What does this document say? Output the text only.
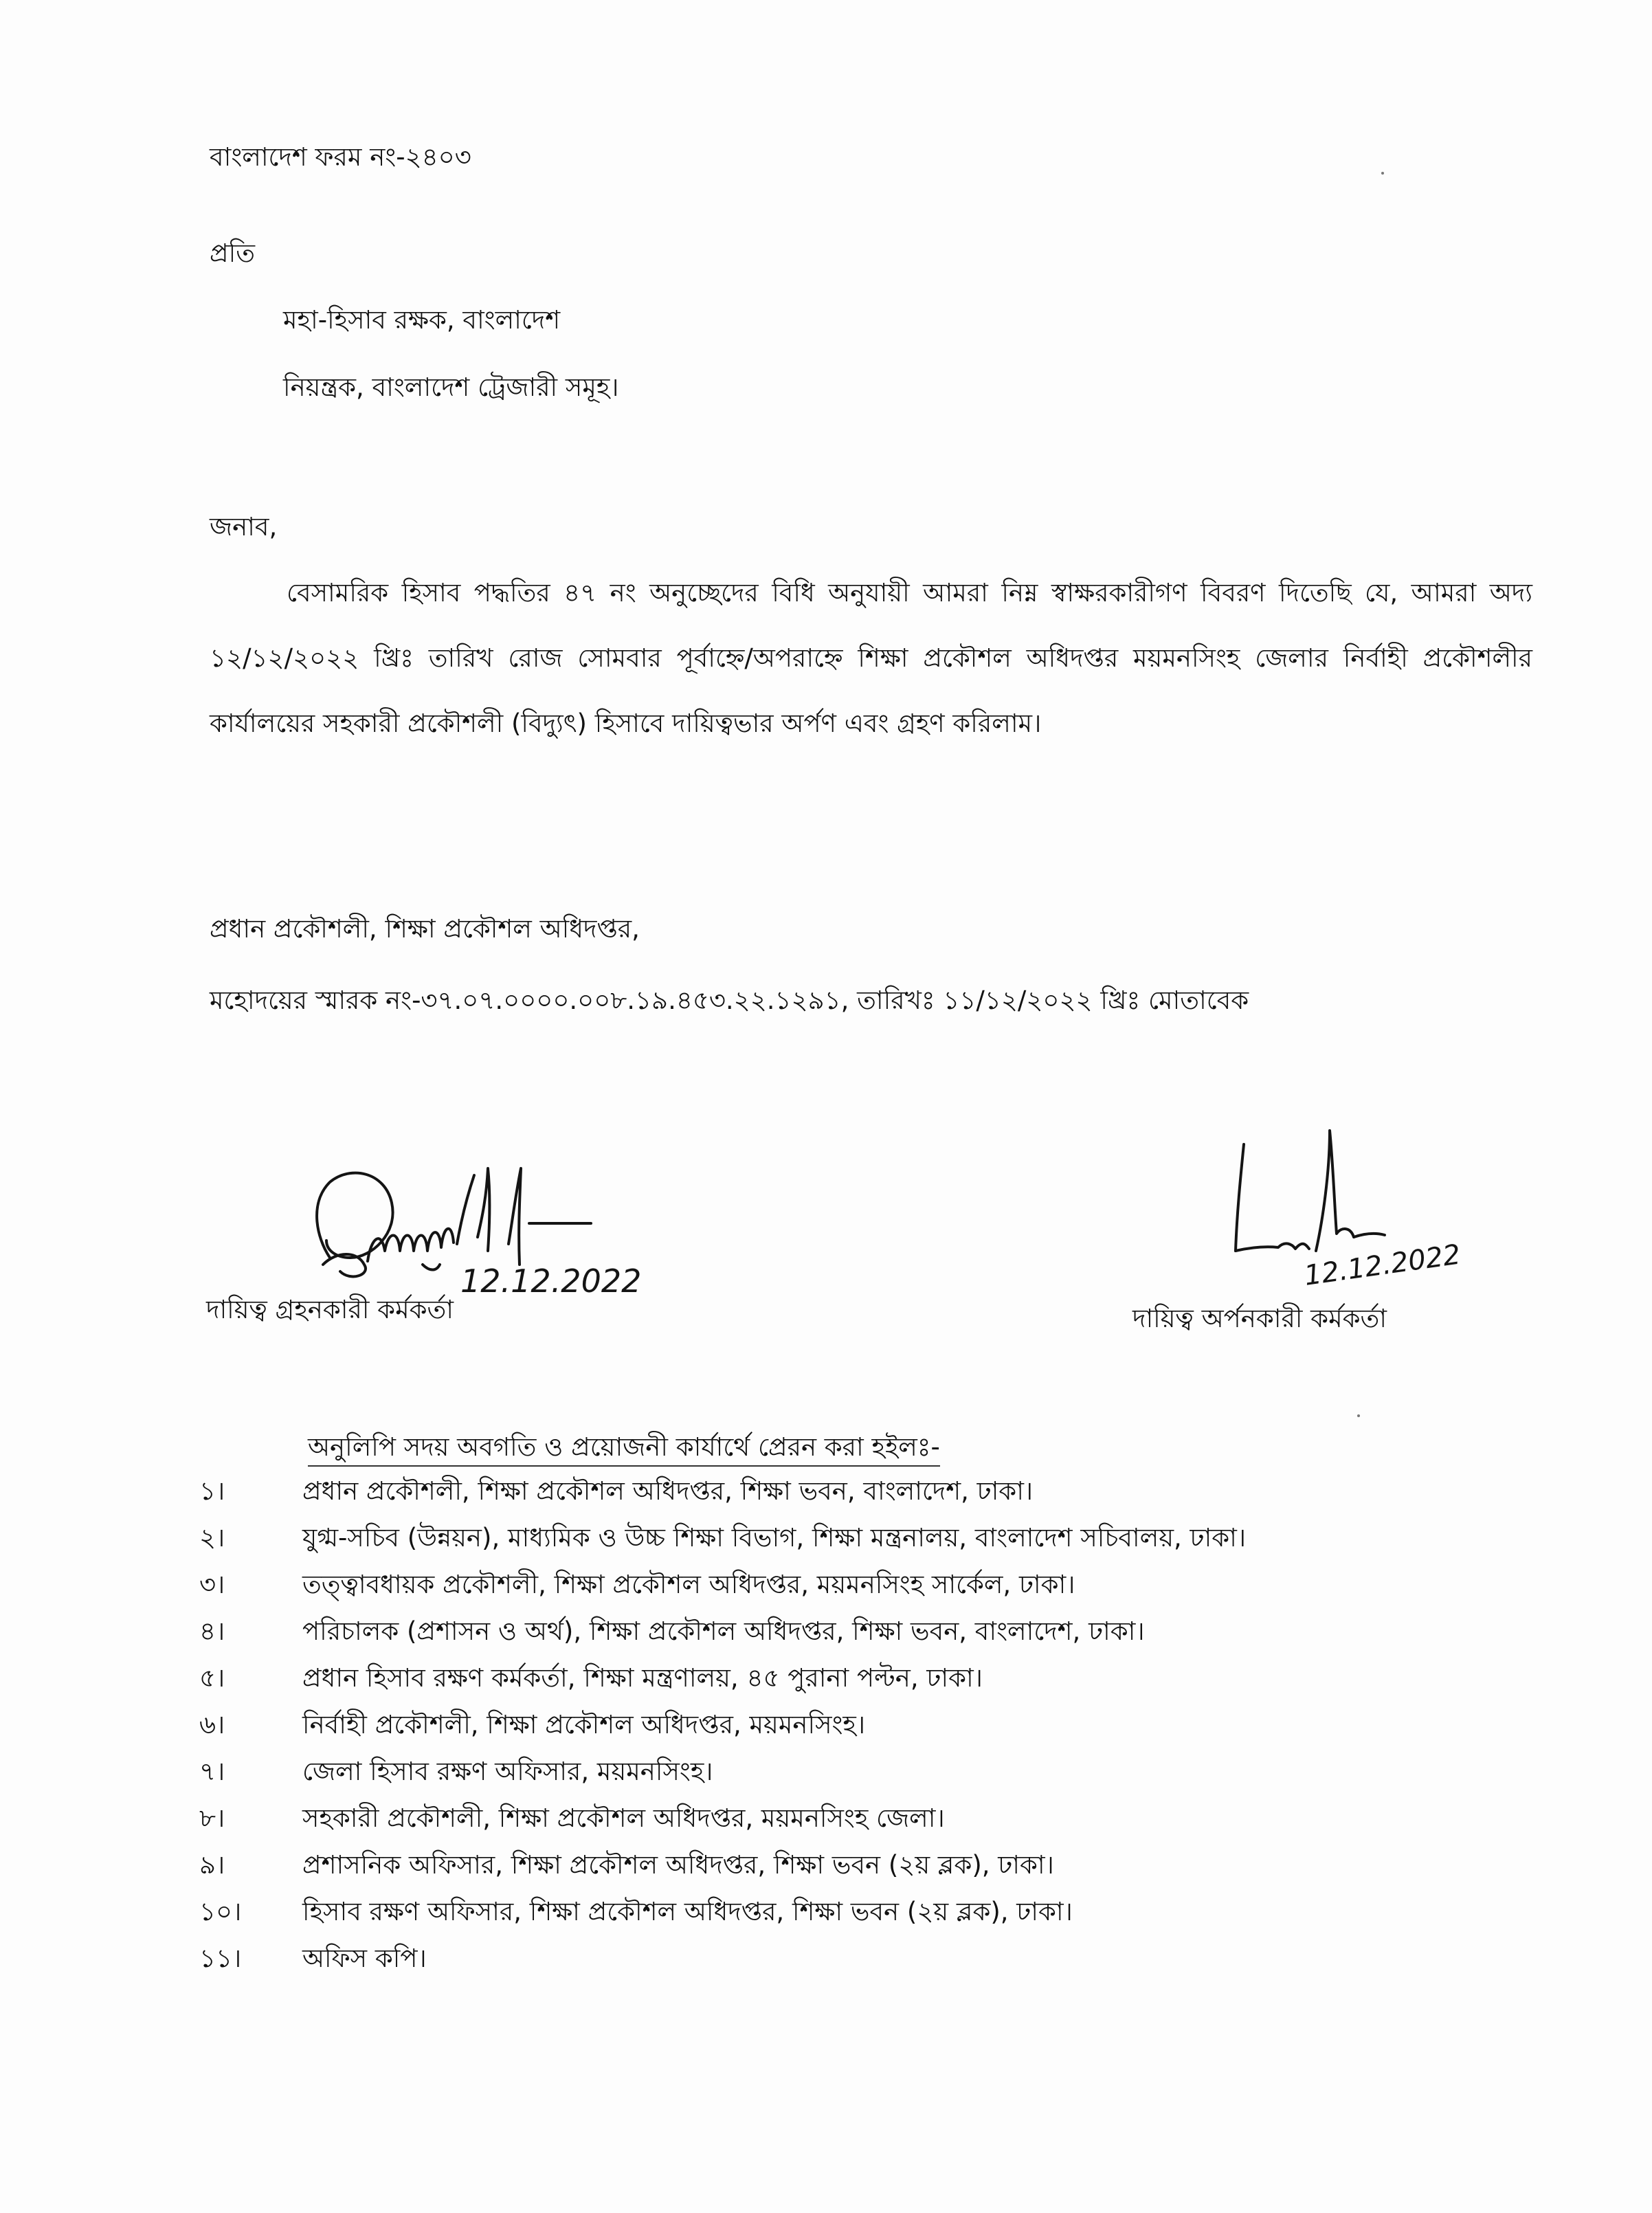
বাংলাদেশ ফরম নং-২৪০৩
প্রতি
মহা-হিসাব রক্ষক, বাংলাদেশ
নিয়ন্ত্রক, বাংলাদেশ ট্রেজারী সমূহ।
জনাব,
বেসামরিক হিসাব পদ্ধতির ৪৭ নং অনুচ্ছেদের বিধি অনুযায়ী আমরা নিম্ন স্বাক্ষরকারীগণ বিবরণ দিতেছি যে, আমরা অদ্য ১২/১২/২০২২ খ্রিঃ তারিখ রোজ সোমবার পূর্বাহ্নে/অপরাহ্নে শিক্ষা প্রকৌশল অধিদপ্তর ময়মনসিংহ জেলার নির্বাহী প্রকৌশলীর কার্যালয়ের সহকারী প্রকৌশলী (বিদ্যুৎ) হিসাবে দায়িত্বভার অর্পণ এবং গ্রহণ করিলাম।
প্রধান প্রকৌশলী, শিক্ষা প্রকৌশল অধিদপ্তর,
মহোদয়ের স্মারক নং-৩৭.০৭.০০০০.০০৮.১৯.৪৫৩.২২.১২৯১, তারিখঃ ১১/১২/২০২২ খ্রিঃ মোতাবেক
12.12.2022
দায়িত্ব গ্রহনকারী কর্মকর্তা
12.12.2022
দায়িত্ব অর্পনকারী কর্মকর্তা
অনুলিপি সদয় অবগতি ও প্রয়োজনী কার্যার্থে প্রেরন করা হইলঃ-
১।	প্রধান প্রকৌশলী, শিক্ষা প্রকৌশল অধিদপ্তর, শিক্ষা ভবন, বাংলাদেশ, ঢাকা।
২।	যুগ্ম-সচিব (উন্নয়ন), মাধ্যমিক ও উচ্চ শিক্ষা বিভাগ, শিক্ষা মন্ত্রনালয়, বাংলাদেশ সচিবালয়, ঢাকা।
৩।	তত্ত্বাবধায়ক প্রকৌশলী, শিক্ষা প্রকৌশল অধিদপ্তর, ময়মনসিংহ সার্কেল, ঢাকা।
৪।	পরিচালক (প্রশাসন ও অর্থ), শিক্ষা প্রকৌশল অধিদপ্তর, শিক্ষা ভবন, বাংলাদেশ, ঢাকা।
৫।	প্রধান হিসাব রক্ষণ কর্মকর্তা, শিক্ষা মন্ত্রণালয়, ৪৫ পুরানা পল্টন, ঢাকা।
৬।	নির্বাহী প্রকৌশলী, শিক্ষা প্রকৌশল অধিদপ্তর, ময়মনসিংহ।
৭।	জেলা হিসাব রক্ষণ অফিসার, ময়মনসিংহ।
৮।	সহকারী প্রকৌশলী, শিক্ষা প্রকৌশল অধিদপ্তর, ময়মনসিংহ জেলা।
৯।	প্রশাসনিক অফিসার, শিক্ষা প্রকৌশল অধিদপ্তর, শিক্ষা ভবন (২য় ব্লক), ঢাকা।
১০।	হিসাব রক্ষণ অফিসার, শিক্ষা প্রকৌশল অধিদপ্তর, শিক্ষা ভবন (২য় ব্লক), ঢাকা।
১১।	অফিস কপি।
